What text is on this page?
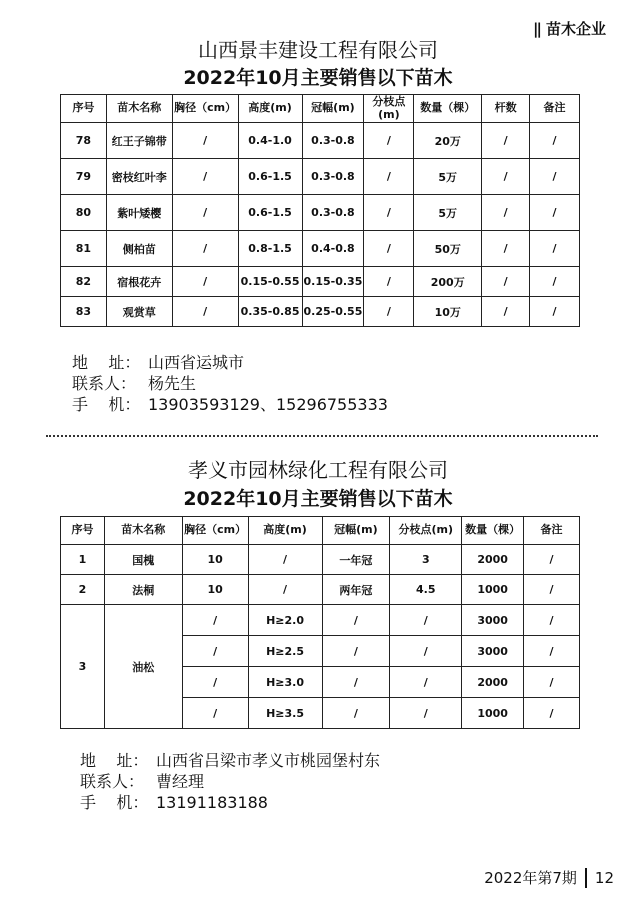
|| 苗木企业
山西景丰建设工程有限公司
2022年10月主要销售以下苗木
序号	苗木名称	胸径（cm）	高度(m)	冠幅(m)	分枝点(m)	数量（棵）	杆数	备注
78	红王子锦带	/	0.4-1.0	0.3-0.8	/	20万	/	/
79	密枝红叶李	/	0.6-1.5	0.3-0.8	/	5万	/	/
80	紫叶矮樱	/	0.6-1.5	0.3-0.8	/	5万	/	/
81	侧柏苗	/	0.8-1.5	0.4-0.8	/	50万	/	/
82	宿根花卉	/	0.15-0.55	0.15-0.35	/	200万	/	/
83	观赏草	/	0.35-0.85	0.25-0.55	/	10万	/	/
地    址： 山西省运城市
联系人： 杨先生
手    机： 13903593129、15296755333
孝义市园林绿化工程有限公司
2022年10月主要销售以下苗木
序号	苗木名称	胸径（cm）	高度(m)	冠幅(m)	分枝点(m)	数量（棵）	备注
1	国槐	10	/	一年冠	3	2000	/
2	法桐	10	/	两年冠	4.5	1000	/
3	油松	/	H≥2.0	/	/	3000	/
		/	H≥2.5	/	/	3000	/
		/	H≥3.0	/	/	2000	/
		/	H≥3.5	/	/	1000	/
地    址： 山西省吕梁市孝义市桃园堡村东
联系人： 曹经理
手    机： 13191183188
2022年第7期 12
